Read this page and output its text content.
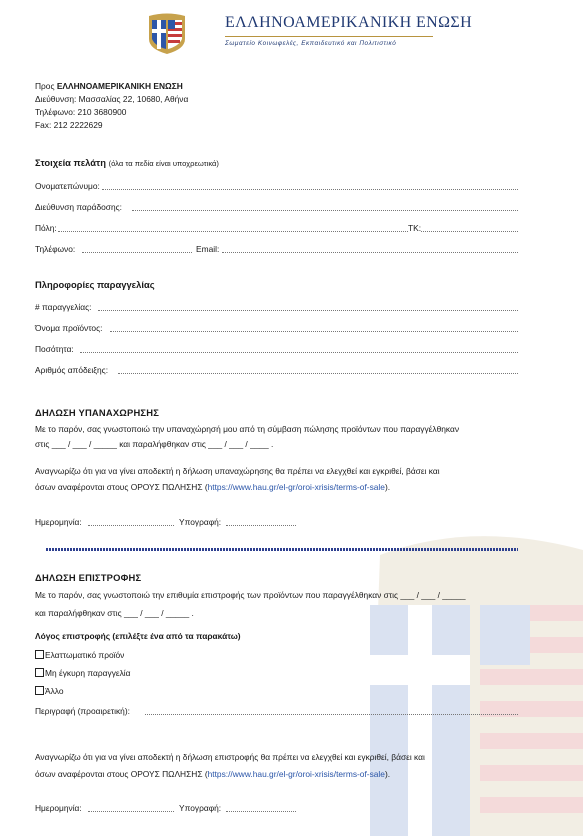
ΕΛΛΗΝΟΑΜΕΡΙΚΑΝΙΚΗ ΕΝΩΣΗ
Σωματείο Κοινωφελές, Εκπαιδευτικό και Πολιτιστικό
Προς ΕΛΛΗΝΟΑΜΕΡΙΚΑΝΙΚΗ ΕΝΩΣΗ
Διεύθυνση: Μασσαλίας 22, 10680, Αθήνα
Τηλέφωνο: 210 3680900
Fax: 212 2222629
Στοιχεία πελάτη (όλα τα πεδία είναι υποχρεωτικά)
Ονοματεπώνυμο:
Διεύθυνση παράδοσης:
Πόλη:	ΤΚ:
Τηλέφωνο:	Email:
Πληροφορίες παραγγελίας
# παραγγελίας:
Όνομα προϊόντος:
Ποσότητα:
Αριθμός απόδειξης:
ΔΗΛΩΣΗ ΥΠΑΝΑΧΩΡΗΣΗΣ
Με το παρόν, σας γνωστοποιώ την υπαναχώρησή μου από τη σύμβαση πώλησης προϊόντων που παραγγέλθηκαν
στις ___ / ___ / _____ και παραλήφθηκαν στις ___ / ___ / ____ .
Αναγνωρίζω ότι για να γίνει αποδεκτή η δήλωση υπαναχώρησης θα πρέπει να ελεγχθεί και εγκριθεί, βάσει και
όσων αναφέρονται στους ΟΡΟΥΣ ΠΩΛΗΣΗΣ (https://www.hau.gr/el-gr/oroi-xrisis/terms-of-sale).
Ημερομηνία:	Υπογραφή:
ΔΗΛΩΣΗ ΕΠΙΣΤΡΟΦΗΣ
Με το παρόν, σας γνωστοποιώ την επιθυμία επιστροφής των προϊόντων που παραγγέλθηκαν στις ___ / ___ / _____
και παραλήφθηκαν στις ___ / ___ / _____ .
Λόγος επιστροφής (επιλέξτε ένα από τα παρακάτω)
Ελαττωματικό προϊόν
Μη έγκυρη παραγγελία
Άλλο
Περιγραφή (προαιρετική):
Αναγνωρίζω ότι για να γίνει αποδεκτή η δήλωση επιστροφής θα πρέπει να ελεγχθεί και εγκριθεί, βάσει και
όσων αναφέρονται στους ΟΡΟΥΣ ΠΩΛΗΣΗΣ (https://www.hau.gr/el-gr/oroi-xrisis/terms-of-sale).
Ημερομηνία:	Υπογραφή:
